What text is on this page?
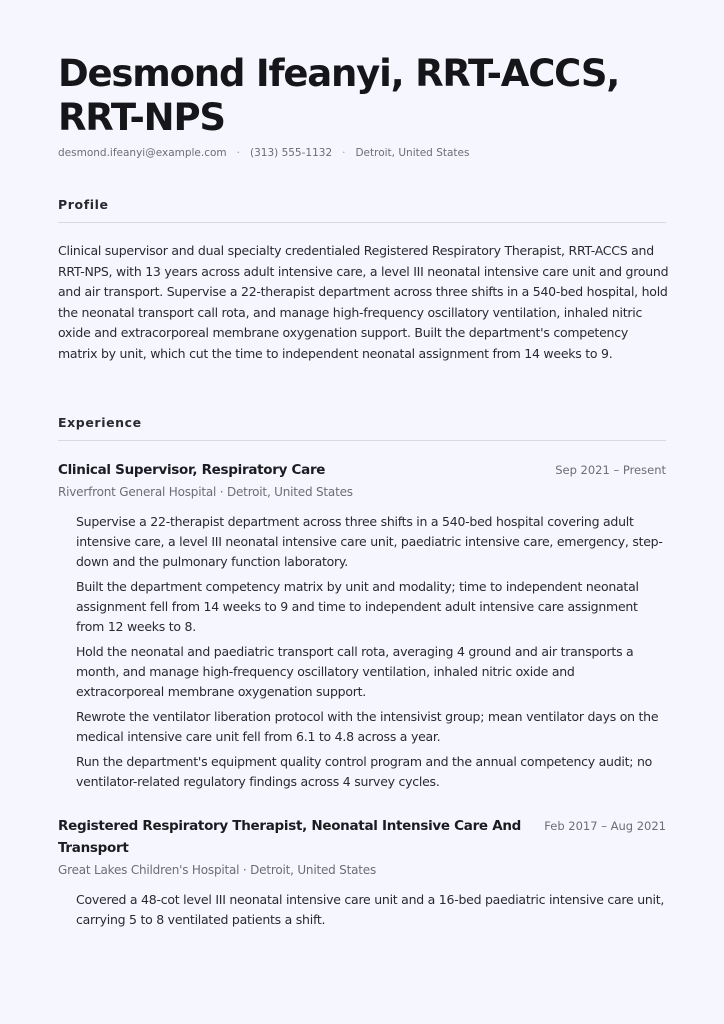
Desmond Ifeanyi, RRT-ACCS, RRT-NPS
desmond.ifeanyi@example.com · (313) 555-1132 · Detroit, United States
Profile

Clinical supervisor and dual specialty credentialed Registered Respiratory Therapist, RRT-ACCS and RRT-NPS, with 13 years across adult intensive care, a level III neonatal intensive care unit and ground and air transport. Supervise a 22-therapist department across three shifts in a 540-bed hospital, hold the neonatal transport call rota, and manage high-frequency oscillatory ventilation, inhaled nitric oxide and extracorporeal membrane oxygenation support. Built the department's competency matrix by unit, which cut the time to independent neonatal assignment from 14 weeks to 9.

Experience
Clinical Supervisor, Respiratory Care	Sep 2021 – Present
Riverfront General Hospital · Detroit, United States
Supervise a 22-therapist department across three shifts in a 540-bed hospital covering adult intensive care, a level III neonatal intensive care unit, paediatric intensive care, emergency, step-down and the pulmonary function laboratory.
Built the department competency matrix by unit and modality; time to independent neonatal assignment fell from 14 weeks to 9 and time to independent adult intensive care assignment from 12 weeks to 8.
Hold the neonatal and paediatric transport call rota, averaging 4 ground and air transports a month, and manage high-frequency oscillatory ventilation, inhaled nitric oxide and extracorporeal membrane oxygenation support.
Rewrote the ventilator liberation protocol with the intensivist group; mean ventilator days on the medical intensive care unit fell from 6.1 to 4.8 across a year.
Run the department's equipment quality control program and the annual competency audit; no ventilator-related regulatory findings across 4 survey cycles.
Registered Respiratory Therapist, Neonatal Intensive Care And Transport
Feb 2017 – Aug 2021
Great Lakes Children's Hospital · Detroit, United States
Covered a 48-cot level III neonatal intensive care unit and a 16-bed paediatric intensive care unit, carrying 5 to 8 ventilated patients a shift.
